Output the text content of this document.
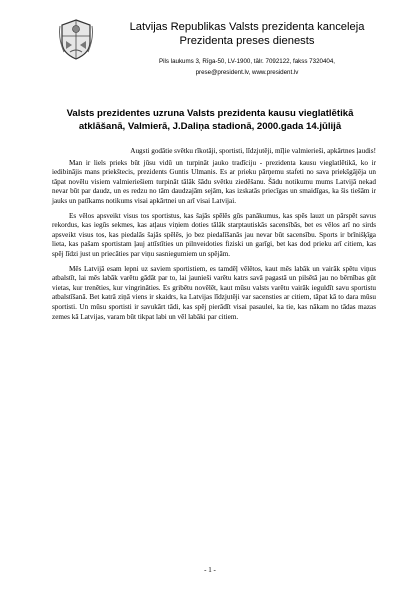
Latvijas Republikas Valsts prezidenta kanceleja
Prezidenta preses dienests
Pils laukums 3, Rīga-50, LV-1900, tālr. 7092122, fakss 7320404,
prese@president.lv, www.president.lv
Valsts prezidentes uzruna Valsts prezidenta kausu vieglatlētikā
atklāšanā, Valmierā, J.Daliņa stadionā, 2000.gada 14.jūlijā

Augsti godātie svētku rīkotāji, sportisti, līdzjutēji, mīļie valmierieši, apkārtnes ļaudis!

Man ir liels prieks būt jūsu vidū un turpināt jauko tradīciju - prezidenta kausu vieglatlētikā, ko ir iedibinājis mans priekštecis, prezidents Guntis Ulmanis. Es ar prieku pārņemu stafeti no sava priekšgājēja un tāpat novēlu visiem valmieriešiem turpināt tālāk šādu svētku ziedēšanu. Šādu notikumu mums Latvijā nekad nevar būt par daudz, un es redzu no tām daudzajām sejām, kas izskatās priecīgas un smaidīgas, ka šis tiešām ir jauks un patīkams notikums visai apkārtnei un arī visai Latvijai.

Es vēlos apsveikt visus tos sportistus, kas šajās spēlēs gūs panākumus, kas spēs lauzt un pārspēt savus rekordus, kas iegūs sekmes, kas atļaus viņiem doties tālāk starptautiskās sacensībās, bet es vēlos arī no sirds apsveikt visus tos, kas piedalās šajās spēlēs, jo bez piedalīšanās jau nevar būt sacensību. Sports ir brīnišķīga lieta, kas pašam sportistam ļauj attīstīties un pilnveidoties fiziski un garīgi, bet kas dod prieku arī citiem, kas spēj līdzi just un priecāties par viņu sasniegumiem un spējām.

Mēs Latvijā esam lepni uz saviem sportistiem, es tamdēļ vēlētos, kaut mēs labāk un vairāk spētu viņus atbalstīt, lai mēs labāk varētu gādāt par to, lai jaunieši varētu katrs savā pagastā un pilsētā jau no bērnības gūt vietas, kur trenēties, kur vingrināties. Es gribētu novēlēt, kaut mūsu valsts varētu vairāk ieguldīt savu sportistu atbalstīšanā. Bet katrā ziņā viens ir skaidrs, ka Latvijas līdzjutēji var sacensties ar citiem, tāpat kā to dara mūsu sportisti. Un mūsu sportisti ir savukārt tādi, kas spēj pierādīt visai pasaulei, ka tie, kas nākam no tādas mazas zemes kā Latvijas, varam būt tikpat labi un vēl labāki par citiem.

- 1 -
